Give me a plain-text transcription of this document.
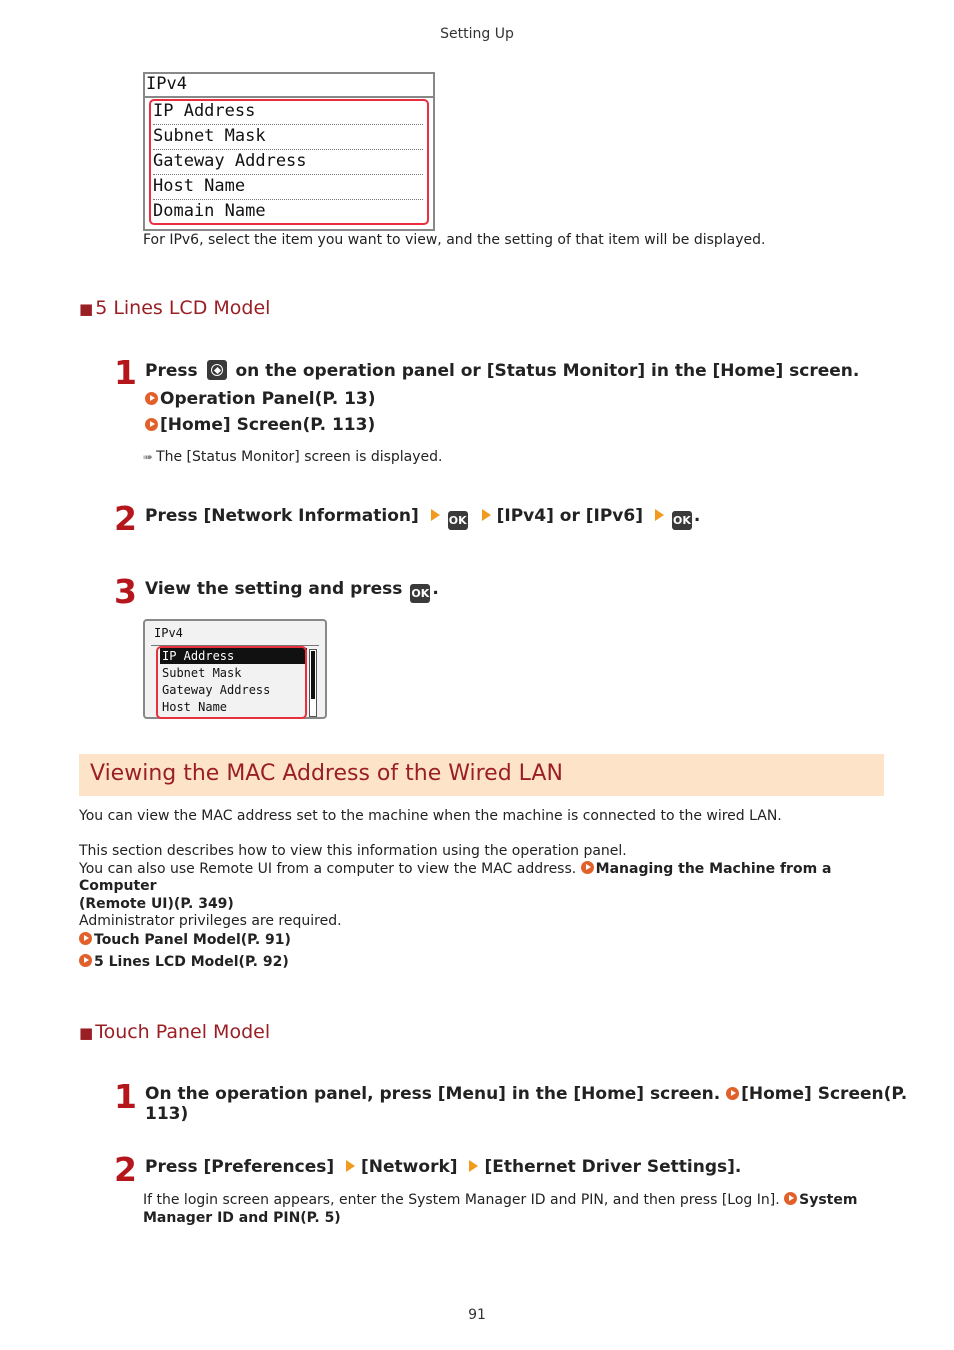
Setting Up
IPv4
IP Address
Subnet Mask
Gateway Address
Host Name
Domain Name
For IPv6, select the item you want to view, and the setting of that item will be displayed.
■ 5 Lines LCD Model
1 Press on the operation panel or [Status Monitor] in the [Home] screen.
Operation Panel(P. 13)
[Home] Screen(P. 113)
➠ The [Status Monitor] screen is displayed.
2 Press [Network Information]	OK [IPv4] or [IPv6]	OK .
3 View the setting and press OK .
IPv4
IP Address
Subnet Mask
Gateway Address
Host Name
Viewing the MAC Address of the Wired LAN
You can view the MAC address set to the machine when the machine is connected to the wired LAN.
This section describes how to view this information using the operation panel.
You can also use Remote UI from a computer to view the MAC address. Managing the Machine from a Computer
(Remote UI)(P. 349)
Administrator privileges are required.
Touch Panel Model(P. 91)
5 Lines LCD Model(P. 92)
■ Touch Panel Model
1 On the operation panel, press [Menu] in the [Home] screen. [Home] Screen(P. 113)
2 Press [Preferences] [Network] [Ethernet Driver Settings].
If the login screen appears, enter the System Manager ID and PIN, and then press [Log In]. System
Manager ID and PIN(P. 5)
91
